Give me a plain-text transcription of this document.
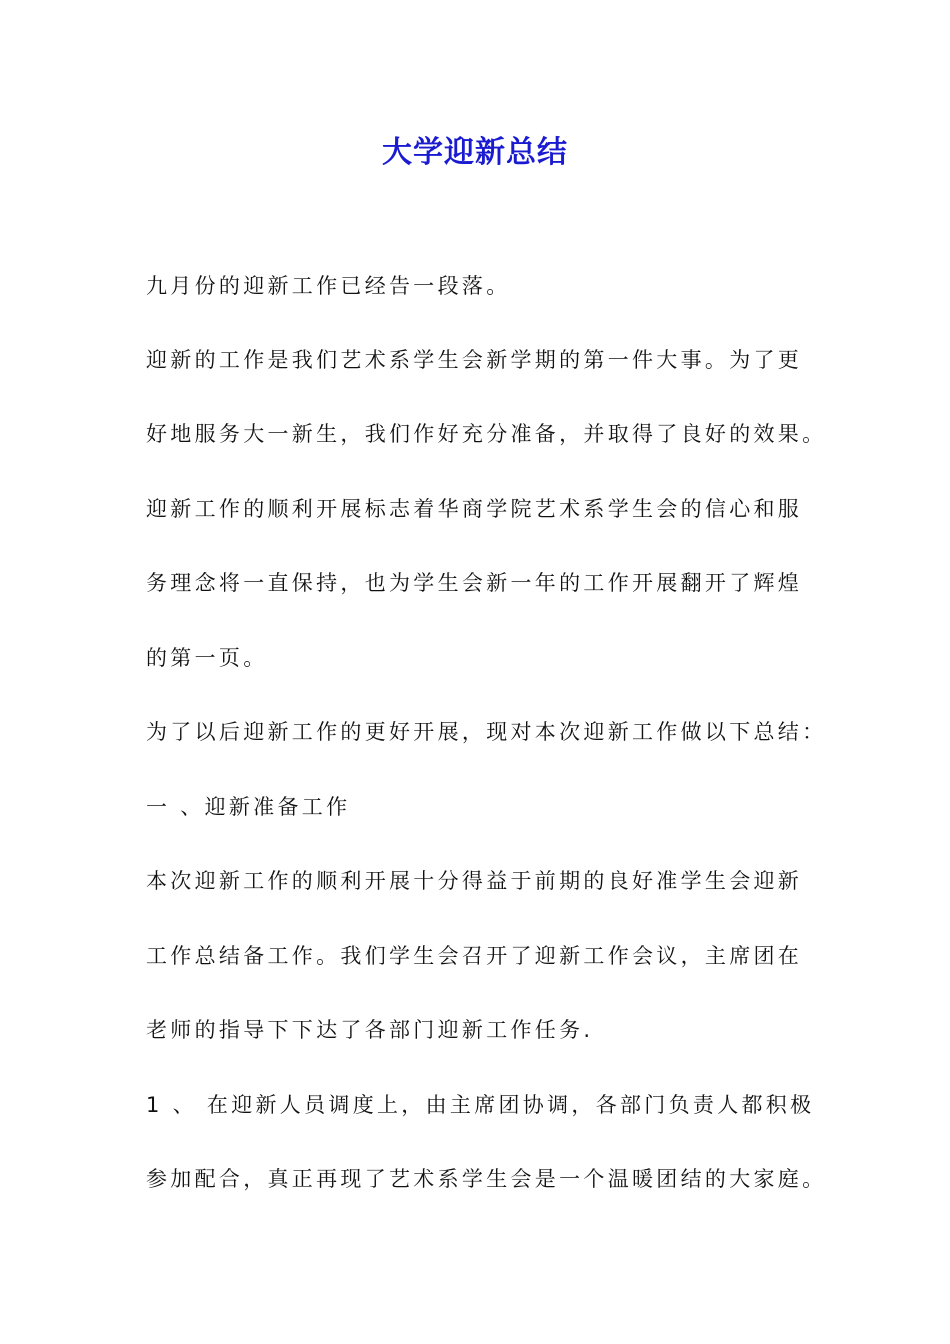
大学迎新总结
九月份的迎新工作已经告一段落。
迎新的工作是我们艺术系学生会新学期的第一件大事。为了更
好地服务大一新生，我们作好充分准备，并取得了良好的效果。
迎新工作的顺利开展标志着华商学院艺术系学生会的信心和服
务理念将一直保持，也为学生会新一年的工作开展翻开了辉煌
的第一页。
为了以后迎新工作的更好开展，现对本次迎新工作做以下总结：
一 、迎新准备工作
本次迎新工作的顺利开展十分得益于前期的良好准学生会迎新
工作总结备工作。我们学生会召开了迎新工作会议，主席团在
老师的指导下下达了各部门迎新工作任务.
1 、 在迎新人员调度上，由主席团协调，各部门负责人都积极
参加配合，真正再现了艺术系学生会是一个温暖团结的大家庭。
